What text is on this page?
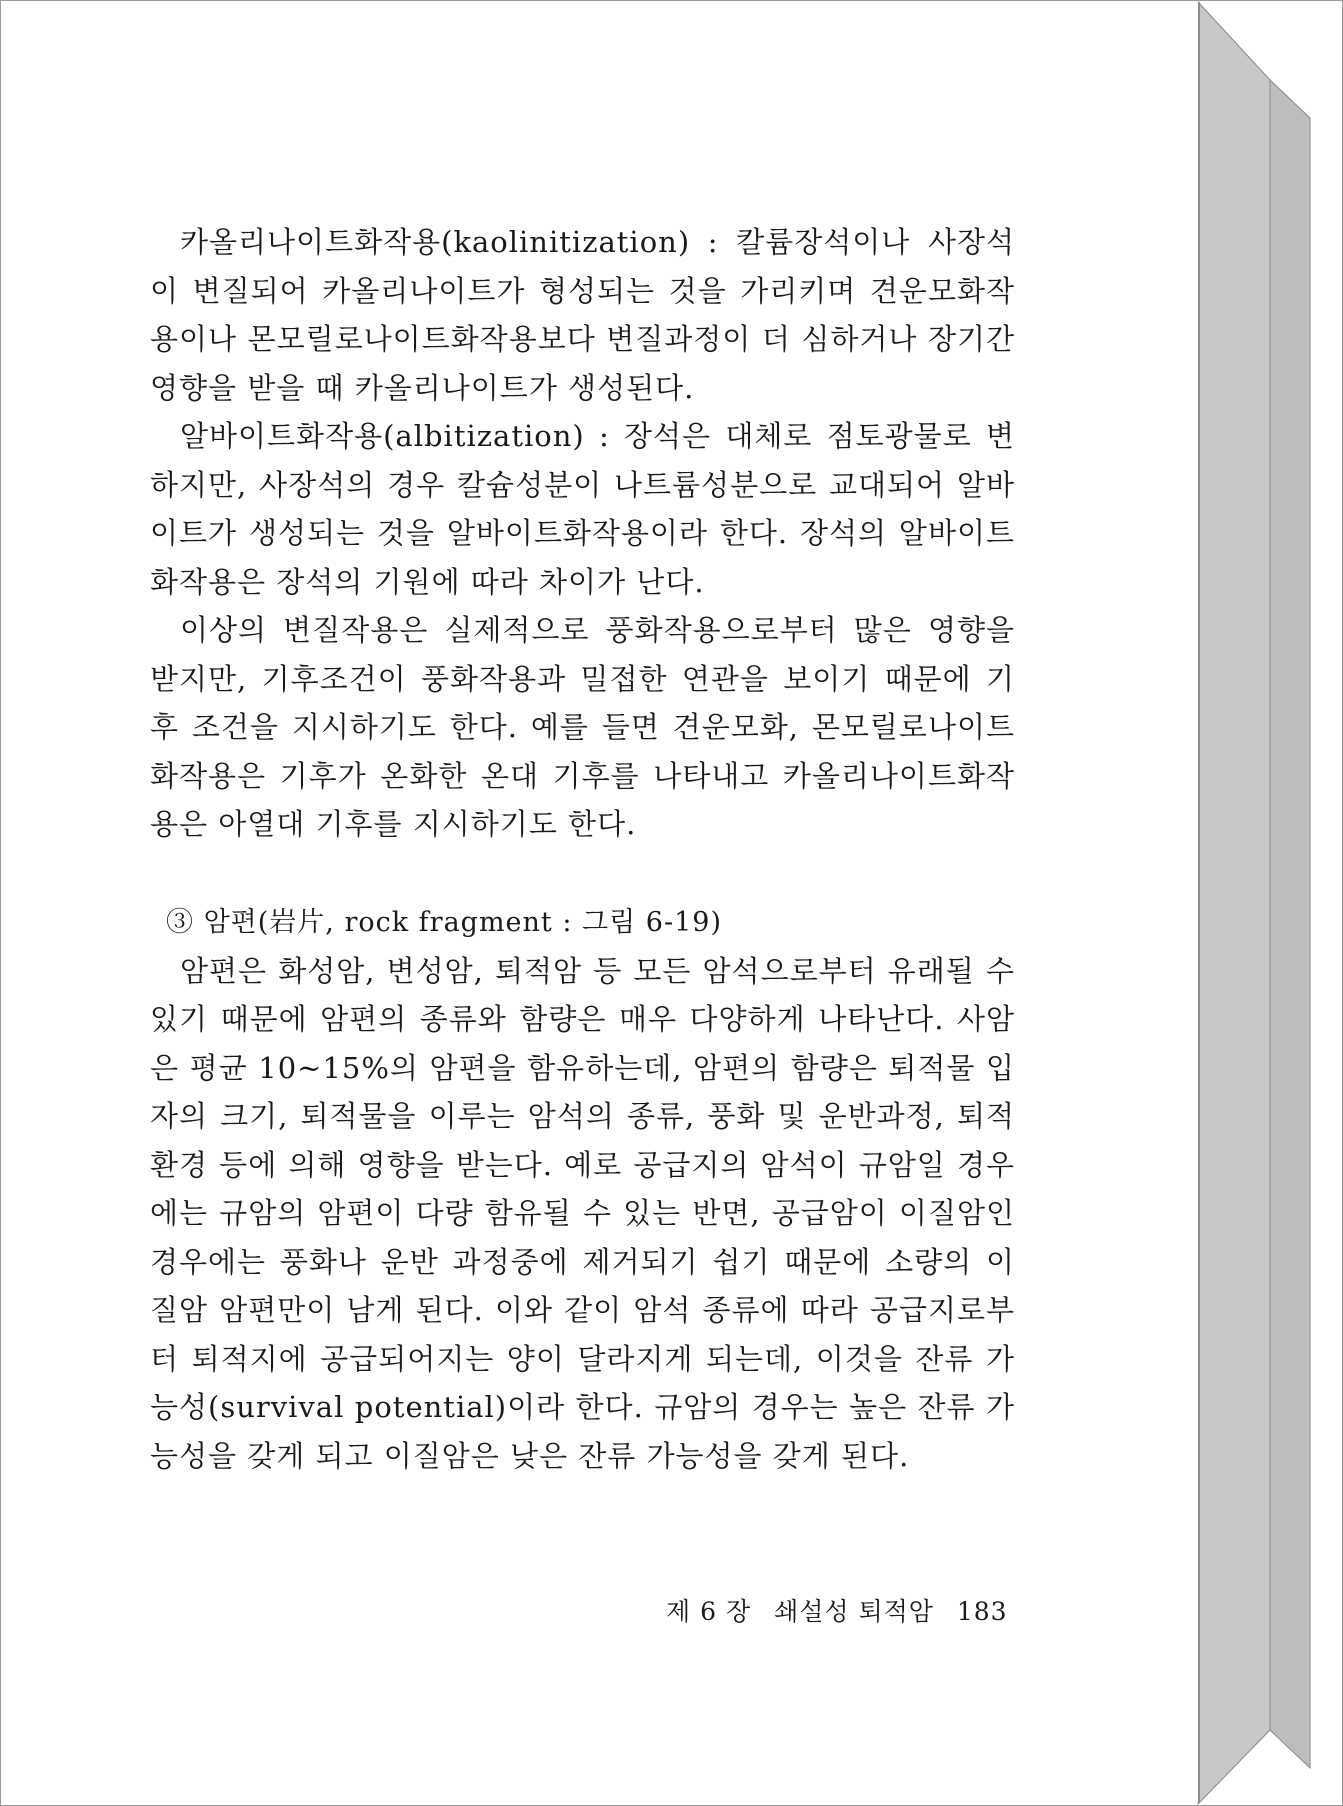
카올리나이트화작용(kaolinitization) : 칼륨장석이나 사장석이 변질되어 카올리나이트가 형성되는 것을 가리키며 견운모화작용이나 몬모릴로나이트화작용보다 변질과정이 더 심하거나 장기간 영향을 받을 때 카올리나이트가 생성된다.

알바이트화작용(albitization) : 장석은 대체로 점토광물로 변하지만, 사장석의 경우 칼슘성분이 나트륨성분으로 교대되어 알바이트가 생성되는 것을 알바이트화작용이라 한다. 장석의 알바이트화작용은 장석의 기원에 따라 차이가 난다.

이상의 변질작용은 실제적으로 풍화작용으로부터 많은 영향을 받지만, 기후조건이 풍화작용과 밀접한 연관을 보이기 때문에 기후 조건을 지시하기도 한다. 예를 들면 견운모화, 몬모릴로나이트화작용은 기후가 온화한 온대 기후를 나타내고 카올리나이트화작용은 아열대 기후를 지시하기도 한다.

③ 암편(岩片, rock fragment : 그림 6-19)

암편은 화성암, 변성암, 퇴적암 등 모든 암석으로부터 유래될 수 있기 때문에 암편의 종류와 함량은 매우 다양하게 나타난다. 사암은 평균 10~15%의 암편을 함유하는데, 암편의 함량은 퇴적물 입자의 크기, 퇴적물을 이루는 암석의 종류, 풍화 및 운반과정, 퇴적환경 등에 의해 영향을 받는다. 예로 공급지의 암석이 규암일 경우에는 규암의 암편이 다량 함유될 수 있는 반면, 공급암이 이질암인 경우에는 풍화나 운반 과정중에 제거되기 쉽기 때문에 소량의 이질암 암편만이 남게 된다. 이와 같이 암석 종류에 따라 공급지로부터 퇴적지에 공급되어지는 양이 달라지게 되는데, 이것을 잔류 가능성(survival potential)이라 한다. 규암의 경우는 높은 잔류 가능성을 갖게 되고 이질암은 낮은 잔류 가능성을 갖게 된다.

제 6 장 쇄설성 퇴적암 183
